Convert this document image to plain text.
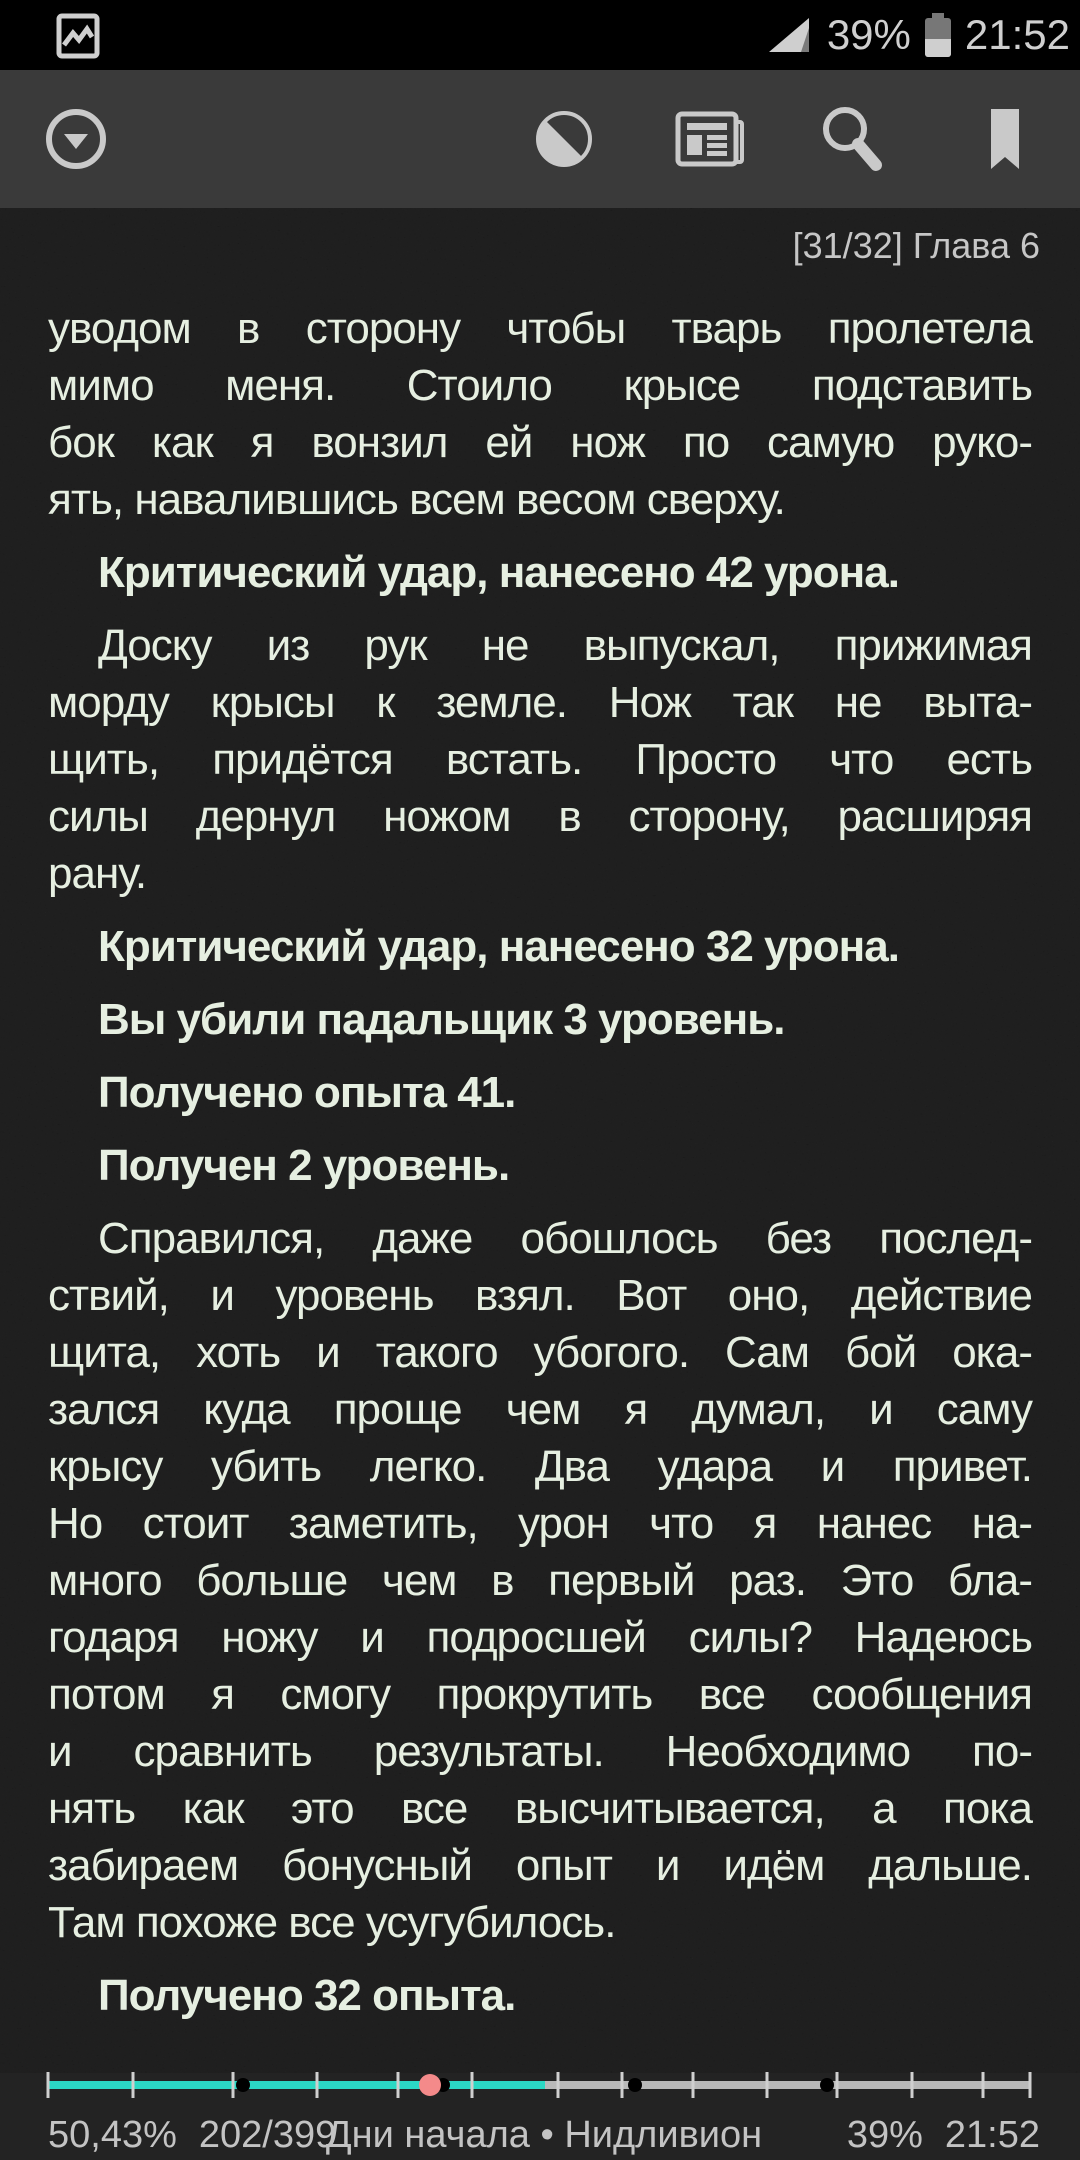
39% 21:52
[31/32] Глава 6
уводом в сторону чтобы тварь пролетела
мимо меня. Стоило крысе подставить
бок как я вонзил ей нож по самую руко-
ять, навалившись всем весом сверху.
Критический удар, нанесено 42 урона.
Доску из рук не выпускал, прижимая
морду крысы к земле. Нож так не выта-
щить, придётся встать. Просто что есть
силы дернул ножом в сторону, расширяя
рану.
Критический удар, нанесено 32 урона.
Вы убили падальщик 3 уровень.
Получено опыта 41.
Получен 2 уровень.
Справился, даже обошлось без послед-
ствий, и уровень взял. Вот оно, действие
щита, хоть и такого убогого. Сам бой ока-
зался куда проще чем я думал, и саму
крысу убить легко. Два удара и привет.
Но стоит заметить, урон что я нанес на-
много больше чем в первый раз. Это бла-
годаря ножу и подросшей силы? Надеюсь
потом я смогу прокрутить все сообщения
и сравнить результаты. Необходимо по-
нять как это все высчитывается, а пока
забираем бонусный опыт и идём дальше.
Там похоже все усугубилось.
Получено 32 опыта.
50,43% 202/399
Дни начала • Нидливион 39% 21:52
